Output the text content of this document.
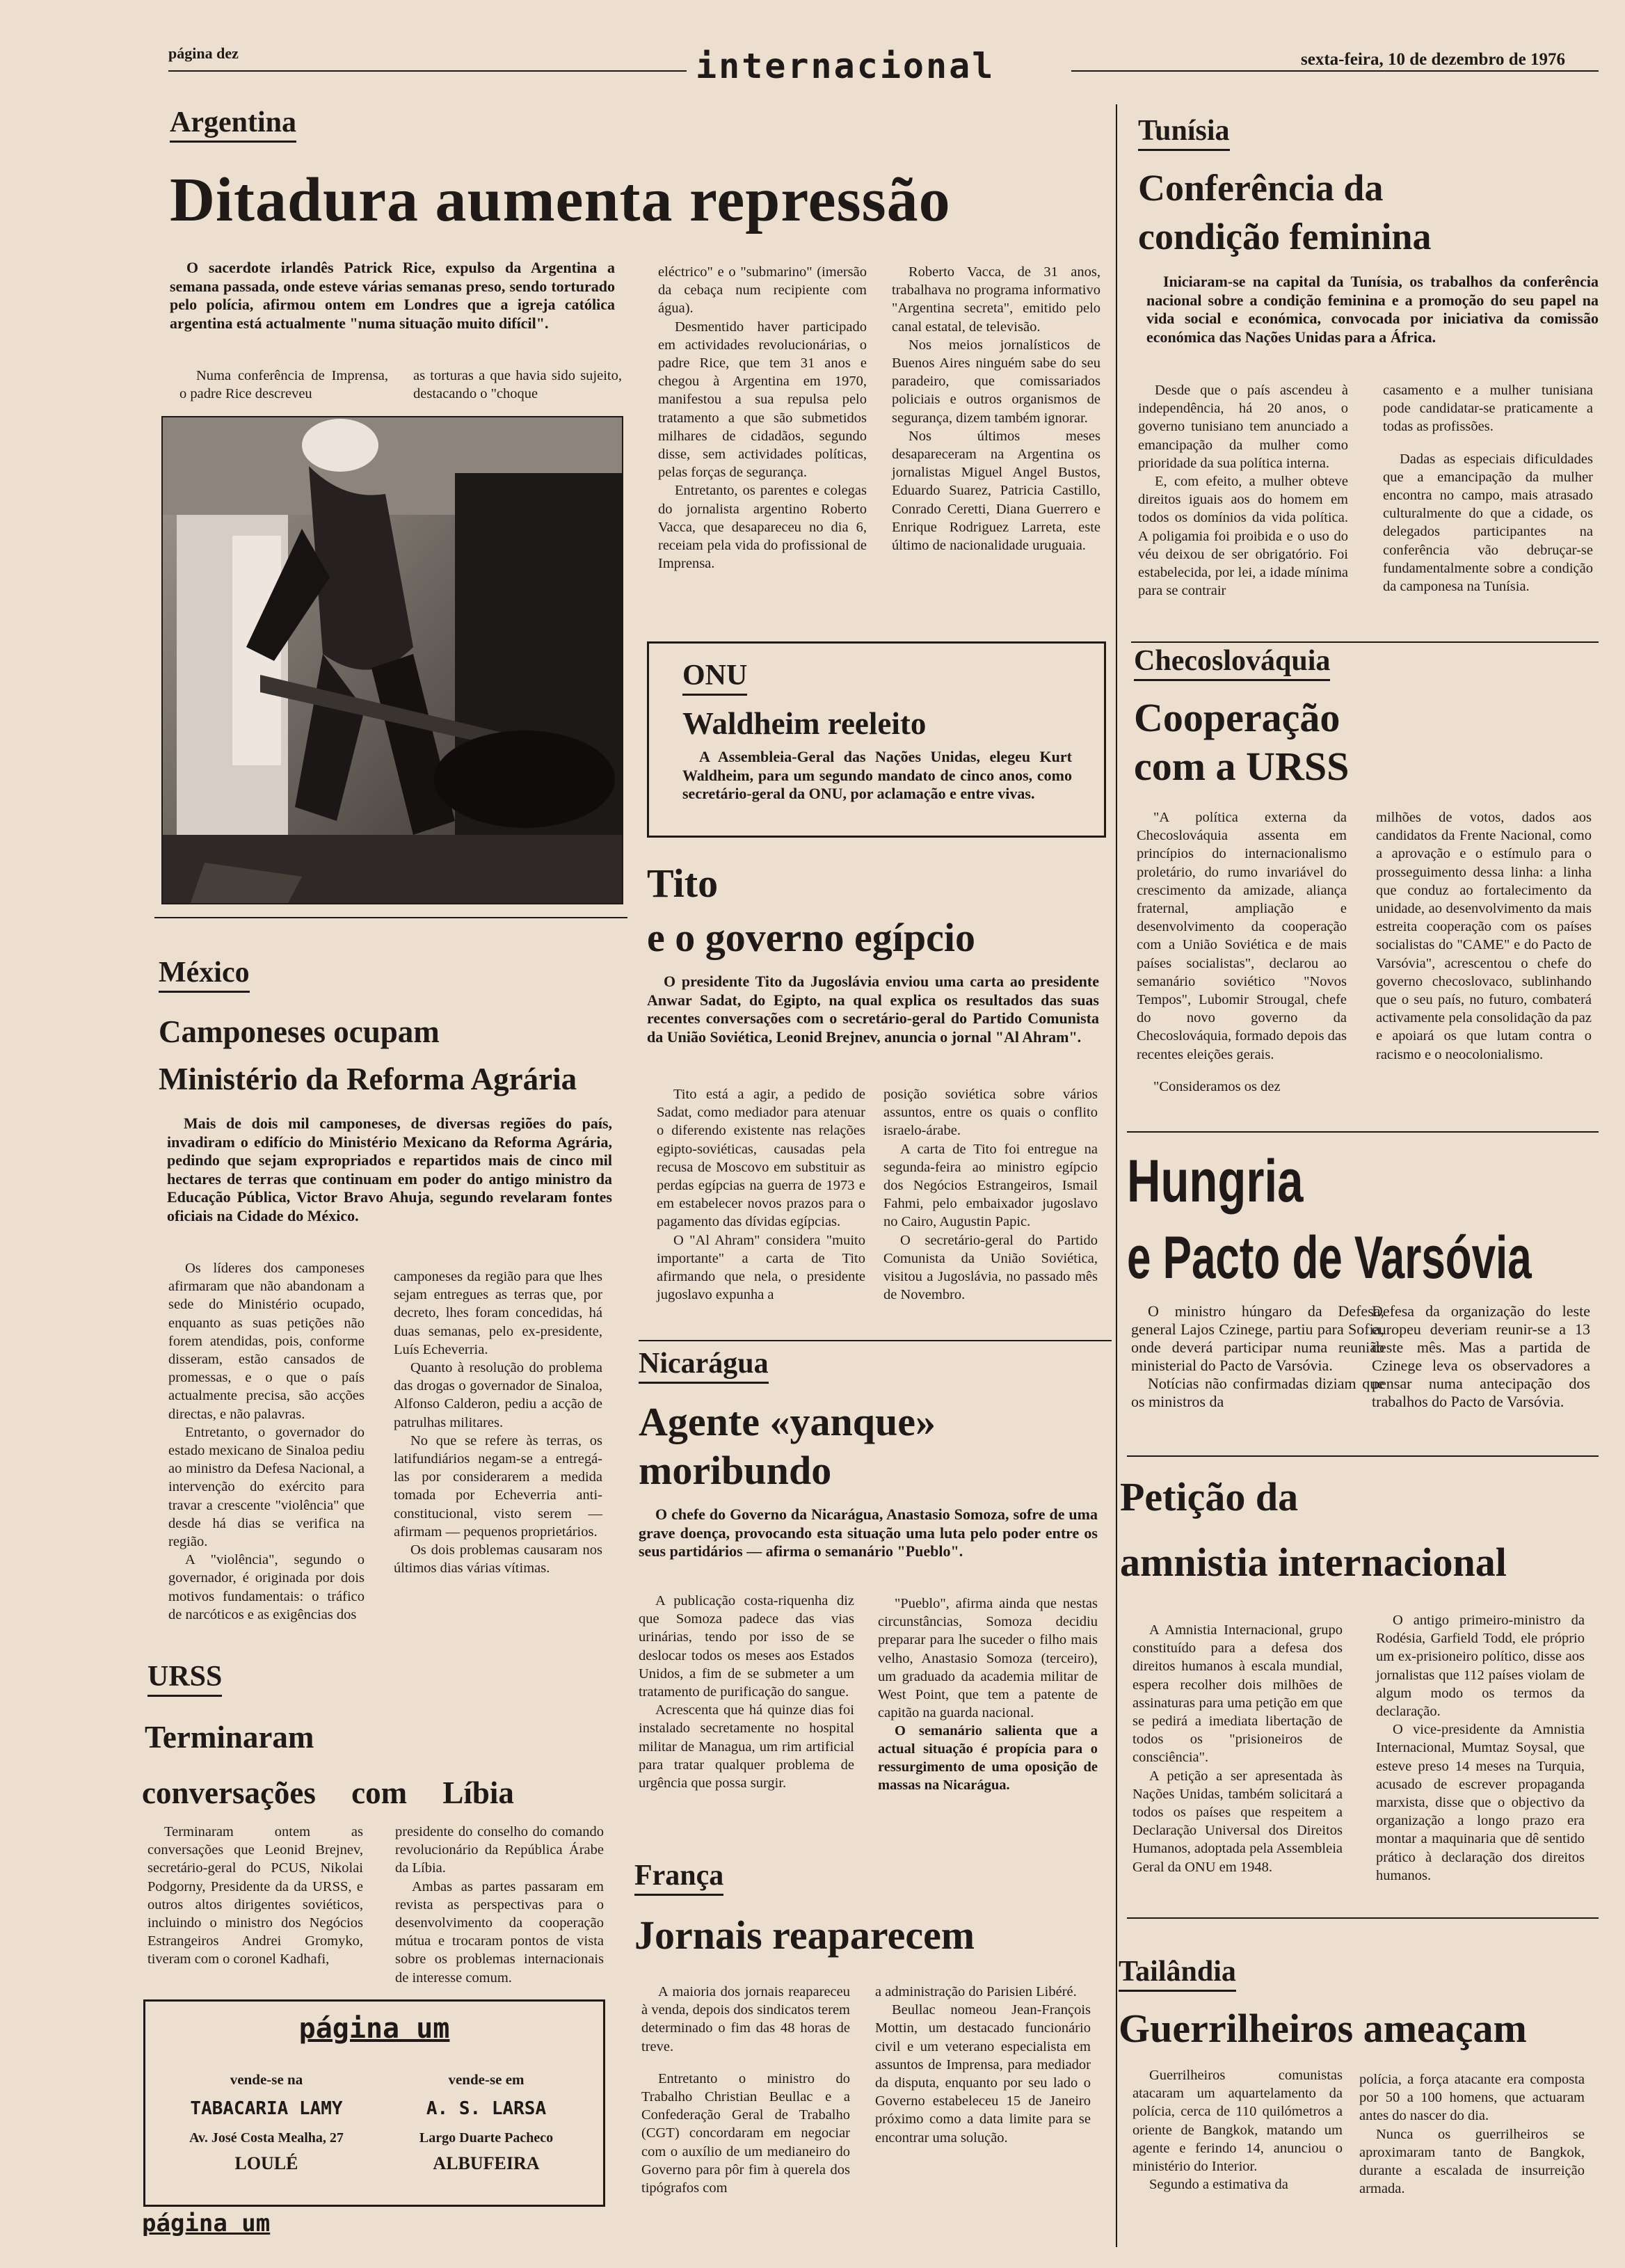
página dez	internacional	sexta-feira, 10 de dezembro de 1976
Argentina
Ditadura aumenta repressão

O sacerdote irlandês Patrick Rice, expulso da Argentina a semana passada, onde esteve várias semanas preso, sendo torturado pelo polícia, afirmou ontem em Londres que a igreja católica argentina está actualmente "numa situação muito difícil".

Numa conferência de Imprensa, o padre Rice descreveu

as torturas a que havia sido sujeito, destacando o "choque

eléctrico" e o "submarino" (imersão da cebaça num recipiente com água).

Desmentido haver participado em actividades revolucionárias, o padre Rice, que tem 31 anos e chegou à Argentina em 1970, manifestou a sua repulsa pelo tratamento a que são submetidos milhares de cidadãos, segundo disse, sem actividades políticas, pelas forças de segurança.

Entretanto, os parentes e colegas do jornalista argentino Roberto Vacca, que desapareceu no dia 6, receiam pela vida do profissional de Imprensa.

Roberto Vacca, de 31 anos, trabalhava no programa informativo "Argentina secreta", emitido pelo canal estatal, de televisão.

Nos meios jornalísticos de Buenos Aires ninguém sabe do seu paradeiro, que comissariados policiais e outros organismos de segurança, dizem também ignorar.

Nos últimos meses desapareceram na Argentina os jornalistas Miguel Angel Bustos, Eduardo Suarez, Patricia Castillo, Conrado Ceretti, Diana Guerrero e Enrique Rodriguez Larreta, este último de nacionalidade uruguaia.

ONU
Waldheim reeleito

A Assembleia-Geral das Nações Unidas, elegeu Kurt Waldheim, para um segundo mandato de cinco anos, como secretário-geral da ONU, por aclamação e entre vivas.

Tito
e o governo egípcio

O presidente Tito da Jugoslávia enviou uma carta ao presidente Anwar Sadat, do Egipto, na qual explica os resultados das suas recentes conversações com o secretário-geral do Partido Comunista da União Soviética, Leonid Brejnev, anuncia o jornal "Al Ahram".

Tito está a agir, a pedido de Sadat, como mediador para atenuar o diferendo existente nas relações egipto-soviéticas, causadas pela recusa de Moscovo em substituir as perdas egípcias na guerra de 1973 e em estabelecer novos prazos para o pagamento das dívidas egípcias.

O "Al Ahram" considera "muito importante" a carta de Tito afirmando que nela, o presidente jugoslavo expunha a

posição soviética sobre vários assuntos, entre os quais o conflito israelo-árabe.

A carta de Tito foi entregue na segunda-feira ao ministro egípcio dos Negócios Estrangeiros, Ismail Fahmi, pelo embaixador jugoslavo no Cairo, Augustin Papic.

O secretário-geral do Partido Comunista da União Soviética, visitou a Jugoslávia, no passado mês de Novembro.

Nicarágua
Agente «yanque»
moribundo

O chefe do Governo da Nicarágua, Anastasio Somoza, sofre de uma grave doença, provocando esta situação uma luta pelo poder entre os seus partidários — afirma o semanário "Pueblo".

A publicação costa-riquenha diz que Somoza padece das vias urinárias, tendo por isso de se deslocar todos os meses aos Estados Unidos, a fim de se submeter a um tratamento de purificação do sangue.

Acrescenta que há quinze dias foi instalado secretamente no hospital militar de Managua, um rim artificial para tratar qualquer problema de urgência que possa surgir.

"Pueblo", afirma ainda que nestas circunstâncias, Somoza decidiu preparar para lhe suceder o filho mais velho, Anastasio Somoza (terceiro), um graduado da academia militar de West Point, que tem a patente de capitão na guarda nacional.

O semanário salienta que a actual situação é propícia para o ressurgimento de uma oposição de massas na Nicarágua.

França
Jornais reaparecem

A maioria dos jornais reapareceu à venda, depois dos sindicatos terem determinado o fim das 48 horas de treve.

Entretanto o ministro do Trabalho Christian Beullac e a Confederação Geral de Trabalho (CGT) concordaram em negociar com o auxílio de um medianeiro do Governo para pôr fim à querela dos tipógrafos com

a administração do Parisien Libéré.

Beullac nomeou Jean-François Mottin, um destacado funcionário civil e um veterano especialista em assuntos de Imprensa, para mediador da disputa, enquanto por seu lado o Governo estabeleceu 15 de Janeiro próximo como a data limite para se encontrar uma solução.

México
Camponeses ocupam
Ministério da Reforma Agrária

Mais de dois mil camponeses, de diversas regiões do país, invadiram o edifício do Ministério Mexicano da Reforma Agrária, pedindo que sejam expropriados e repartidos mais de cinco mil hectares de terras que continuam em poder do antigo ministro da Educação Pública, Victor Bravo Ahuja, segundo revelaram fontes oficiais na Cidade do México.

Os líderes dos camponeses afirmaram que não abandonam a sede do Ministério ocupado, enquanto as suas petições não forem atendidas, pois, conforme disseram, estão cansados de promessas, e o que o país actualmente precisa, são acções directas, e não palavras.

Entretanto, o governador do estado mexicano de Sinaloa pediu ao ministro da Defesa Nacional, a intervenção do exército para travar a crescente "violência" que desde há dias se verifica na região.

A "violência", segundo o governador, é originada por dois motivos fundamentais: o tráfico de narcóticos e as exigências dos

camponeses da região para que lhes sejam entregues as terras que, por decreto, lhes foram concedidas, há duas semanas, pelo ex-presidente, Luís Echeverria.

Quanto à resolução do problema das drogas o governador de Sinaloa, Alfonso Calderon, pediu a acção de patrulhas militares.

No que se refere às terras, os latifundiários negam-se a entregá-las por considerarem a medida tomada por Echeverria anti-constitucional, visto serem — afirmam — pequenos proprietários.

Os dois problemas causaram nos últimos dias várias vítimas.

URSS
Terminaram
conversações com Líbia

Terminaram ontem as conversações que Leonid Brejnev, secretário-geral do PCUS, Nikolai Podgorny, Presidente da da URSS, e outros altos dirigentes soviéticos, incluindo o ministro dos Negócios Estrangeiros Andrei Gromyko, tiveram com o coronel Kadhafi,

presidente do conselho do comando revolucionário da República Árabe da Líbia.

Ambas as partes passaram em revista as perspectivas para o desenvolvimento da cooperação mútua e trocaram pontos de vista sobre os problemas internacionais de interesse comum.

página um
vende-se na
TABACARIA LAMY
Av. José Costa Mealha, 27
LOULÉ
vende-se em
A. S. LARSA
Largo Duarte Pacheco
ALBUFEIRA
página um
Tunísia
Conferência da
condição feminina

Iniciaram-se na capital da Tunísia, os trabalhos da conferência nacional sobre a condição feminina e a promoção do seu papel na vida social e económica, convocada por iniciativa da comissão económica das Nações Unidas para a África.

Desde que o país ascendeu à independência, há 20 anos, o governo tunisiano tem anunciado a emancipação da mulher como prioridade da sua política interna.

E, com efeito, a mulher obteve direitos iguais aos do homem em todos os domínios da vida política. A poligamia foi proibida e o uso do véu deixou de ser obrigatório. Foi estabelecida, por lei, a idade mínima para se contrair

casamento e a mulher tunisiana pode candidatar-se praticamente a todas as profissões.

Dadas as especiais dificuldades que a emancipação da mulher encontra no campo, mais atrasado culturalmente do que a cidade, os delegados participantes na conferência vão debruçar-se fundamentalmente sobre a condição da camponesa na Tunísia.

Checoslováquia
Cooperação
com a URSS

"A política externa da Checoslováquia assenta em princípios do internacionalismo proletário, do rumo invariável do crescimento da amizade, aliança fraternal, ampliação e desenvolvimento da cooperação com a União Soviética e de mais países socialistas", declarou ao semanário soviético "Novos Tempos", Lubomir Strougal, chefe do novo governo da Checoslováquia, formado depois das recentes eleições gerais.

"Consideramos os dez

milhões de votos, dados aos candidatos da Frente Nacional, como a aprovação e o estímulo para o prosseguimento dessa linha: a linha que conduz ao fortalecimento da unidade, ao desenvolvimento da mais estreita cooperação com os países socialistas do "CAME" e do Pacto de Varsóvia", acrescentou o chefe do governo checoslovaco, sublinhando que o seu país, no futuro, combaterá activamente pela consolidação da paz e apoiará os que lutam contra o racismo e o neocolonialismo.

Hungria
e Pacto de Varsóvia

O ministro húngaro da Defesa, general Lajos Czinege, partiu para Sofia, onde deverá participar numa reunião ministerial do Pacto de Varsóvia.

Notícias não confirmadas diziam que os ministros da

Defesa da organização do leste europeu deveriam reunir-se a 13 deste mês. Mas a partida de Czinege leva os observadores a pensar numa antecipação dos trabalhos do Pacto de Varsóvia.

Petição da
amnistia internacional

A Amnistia Internacional, grupo constituído para a defesa dos direitos humanos à escala mundial, espera recolher dois milhões de assinaturas para uma petição em que se pedirá a imediata libertação de todos os "prisioneiros de consciência".

A petição a ser apresentada às Nações Unidas, também solicitará a todos os países que respeitem a Declaração Universal dos Direitos Humanos, adoptada pela Assembleia Geral da ONU em 1948.

O antigo primeiro-ministro da Rodésia, Garfield Todd, ele próprio um ex-prisioneiro político, disse aos jornalistas que 112 países violam de algum modo os termos da declaração.

O vice-presidente da Amnistia Internacional, Mumtaz Soysal, que esteve preso 14 meses na Turquia, acusado de escrever propaganda marxista, disse que o objectivo da organização a longo prazo era montar a maquinaria que dê sentido prático à declaração dos direitos humanos.

Tailândia
Guerrilheiros ameaçam

Guerrilheiros comunistas atacaram um aquartelamento da polícia, cerca de 110 quilómetros a oriente de Bangkok, matando um agente e ferindo 14, anunciou o ministério do Interior.

Segundo a estimativa da

polícia, a força atacante era composta por 50 a 100 homens, que actuaram antes do nascer do dia.

Nunca os guerrilheiros se aproximaram tanto de Bangkok, durante a escalada de insurreição armada.
